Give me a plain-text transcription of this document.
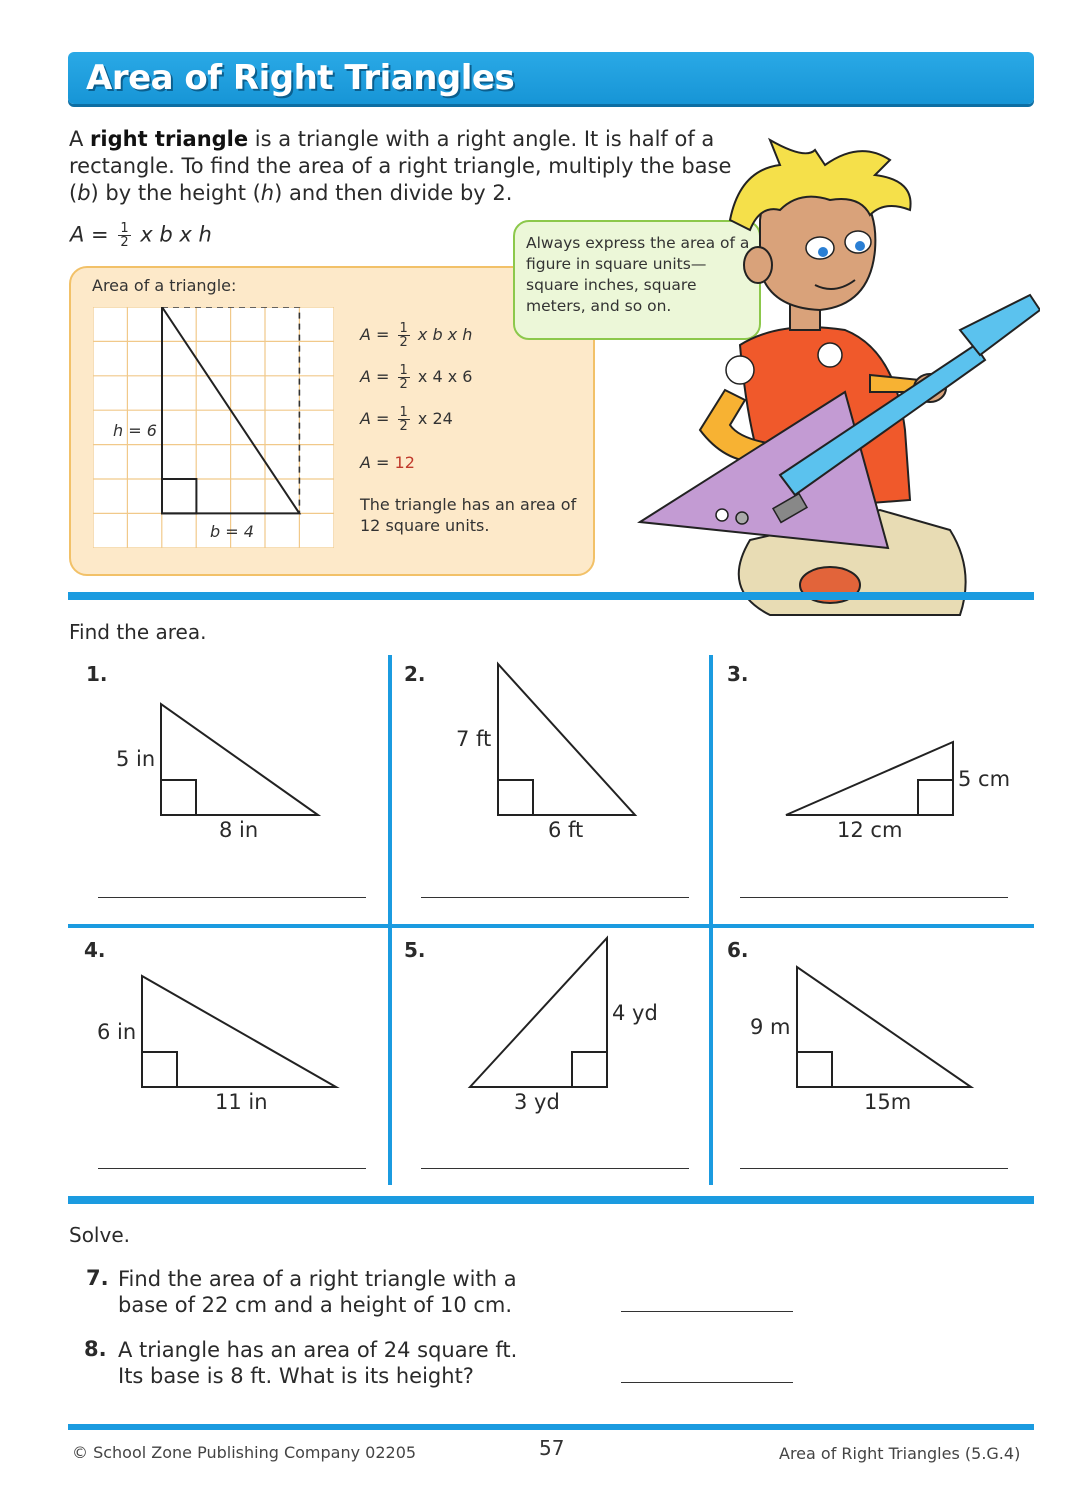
Area of Right Triangles
A right triangle is a triangle with a right angle. It is half of a
rectangle. To find the area of a right triangle, multiply the base
(b) by the height (h) and then divide by 2.
$A = \frac{1}{2}$ x b x h
Area of a triangle:
h = 6
b = 4
$A = \frac{1}{2}$ x b x h
$A = \frac{1}{2}$ x 4 x 6
$A = \frac{1}{2}$ x 24
A = 12
The triangle has an area of 12 square units.
Always express the area of a figure in square units—square inches, square meters, and so on.
Find the area.
1.
5 in
8 in
2.
7 ft
6 ft
3.
5 cm
12 cm
4.
6 in
11 in
5.
4 yd
3 yd
6.
9 m
15m
Solve.
7. Find the area of a right triangle with a
base of 22 cm and a height of 10 cm.
8. A triangle has an area of 24 square ft.
Its base is 8 ft. What is its height?
© School Zone Publishing Company 02205	57	Area of Right Triangles (5.G.4)
